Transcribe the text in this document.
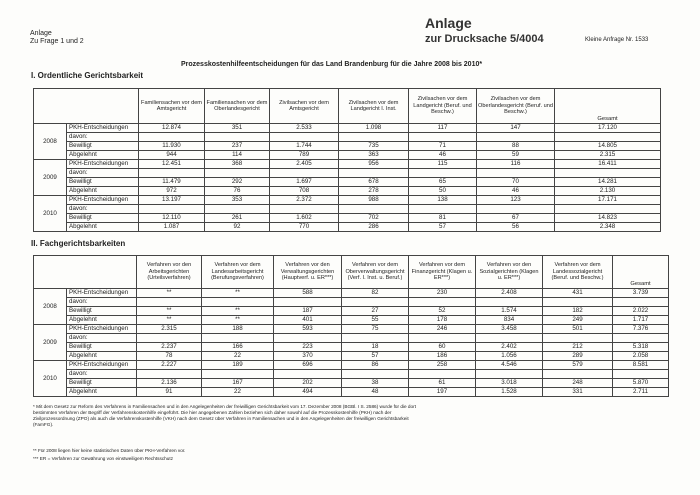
Anlage
Zu Frage 1 und 2
Anlage
zur Drucksache 5/4004	Kleine Anfrage Nr. 1533
Prozesskostenhilfeentscheidungen für das Land Brandenburg für die Jahre 2008 bis 2010*
I. Ordentliche Gerichtsbarkeit
		Familiensachen vor dem Amtsgericht	Familiensachen vor dem Oberlandesgericht	Zivilsachen vor dem Amtsgericht	Zivilsachen vor dem Landgericht I. Inst.	Zivilsachen vor dem Landgericht (Beruf. und Beschw.)	Zivilsachen vor dem Oberlandesgericht (Beruf. und Beschw.)	Gesamt
2008	PKH-Entscheidungen	12.874	351	2.533	1.098	117	147	17.120
	davon:							
	Bewilligt	11.930	237	1.744	735	71	88	14.805
	Abgelehnt	944	114	789	363	46	59	2.315
2009	PKH-Entscheidungen	12.451	368	2.405	956	115	116	16.411
	davon:							
	Bewilligt	11.479	292	1.697	678	65	70	14.281
	Abgelehnt	972	76	708	278	50	46	2.130
2010	PKH-Entscheidungen	13.197	353	2.372	988	138	123	17.171
	davon:							
	Bewilligt	12.110	261	1.602	702	81	67	14.823
	Abgelehnt	1.087	92	770	286	57	56	2.348
II. Fachgerichtsbarkeiten
		Verfahren vor den Arbeitsgerichten (Urteilsverfahren)	Verfahren vor dem Landesarbeitsgericht (Berufungsverfahren)	Verfahren vor den Verwaltungsgerichten (Hauptverf. u. ER***)	Verfahren vor dem Oberverwaltungsgericht (Verf. I. Inst. u. Beruf.)	Verfahren vor dem Finanzgericht (Klagen u. ER***)	Verfahren vor den Sozialgerichten (Klagen u. ER***)	Verfahren vor dem Landessozialgericht (Beruf. und Beschw.)	Gesamt
2008	PKH-Entscheidungen	**	**	588	82	230	2.408	431	3.739
	davon:								
	Bewilligt	**	**	187	27	52	1.574	182	2.022
	Abgelehnt	**	**	401	55	178	834	249	1.717
2009	PKH-Entscheidungen	2.315	188	593	75	246	3.458	501	7.376
	davon:								
	Bewilligt	2.237	166	223	18	60	2.402	212	5.318
	Abgelehnt	78	22	370	57	186	1.056	289	2.058
2010	PKH-Entscheidungen	2.227	189	696	86	258	4.546	579	8.581
	davon:								
	Bewilligt	2.136	167	202	38	61	3.018	248	5.870
	Abgelehnt	91	22	494	48	197	1.528	331	2.711
* Mit dem Gesetz zur Reform des Verfahrens in Familiensachen und in den Angelegenheiten der freiwilligen Gerichtsbarkeit vom 17. Dezember 2008 (BGBl. I S. 2586) wurde für die dort
bestimmten Verfahren der Begriff der Verfahrenskostenhilfe eingeführt. Die hier angegebenen Zahlen beziehen sich daher sowohl auf die Prozesskostenhilfe (PKH) nach der
Zivilprozessordnung (ZPO) als auch die Verfahrenskostenhilfe (VKH) nach dem Gesetz über Verfahren in Familiensachen und in den Angelegenheiten der freiwilligen Gerichtsbarkeit
(FamFG).
** Für 2008 liegen hier keine statistischen Daten über PKH-Verfahren vor.
*** ER = Verfahren zur Gewährung von einstweiligem Rechtsschutz
